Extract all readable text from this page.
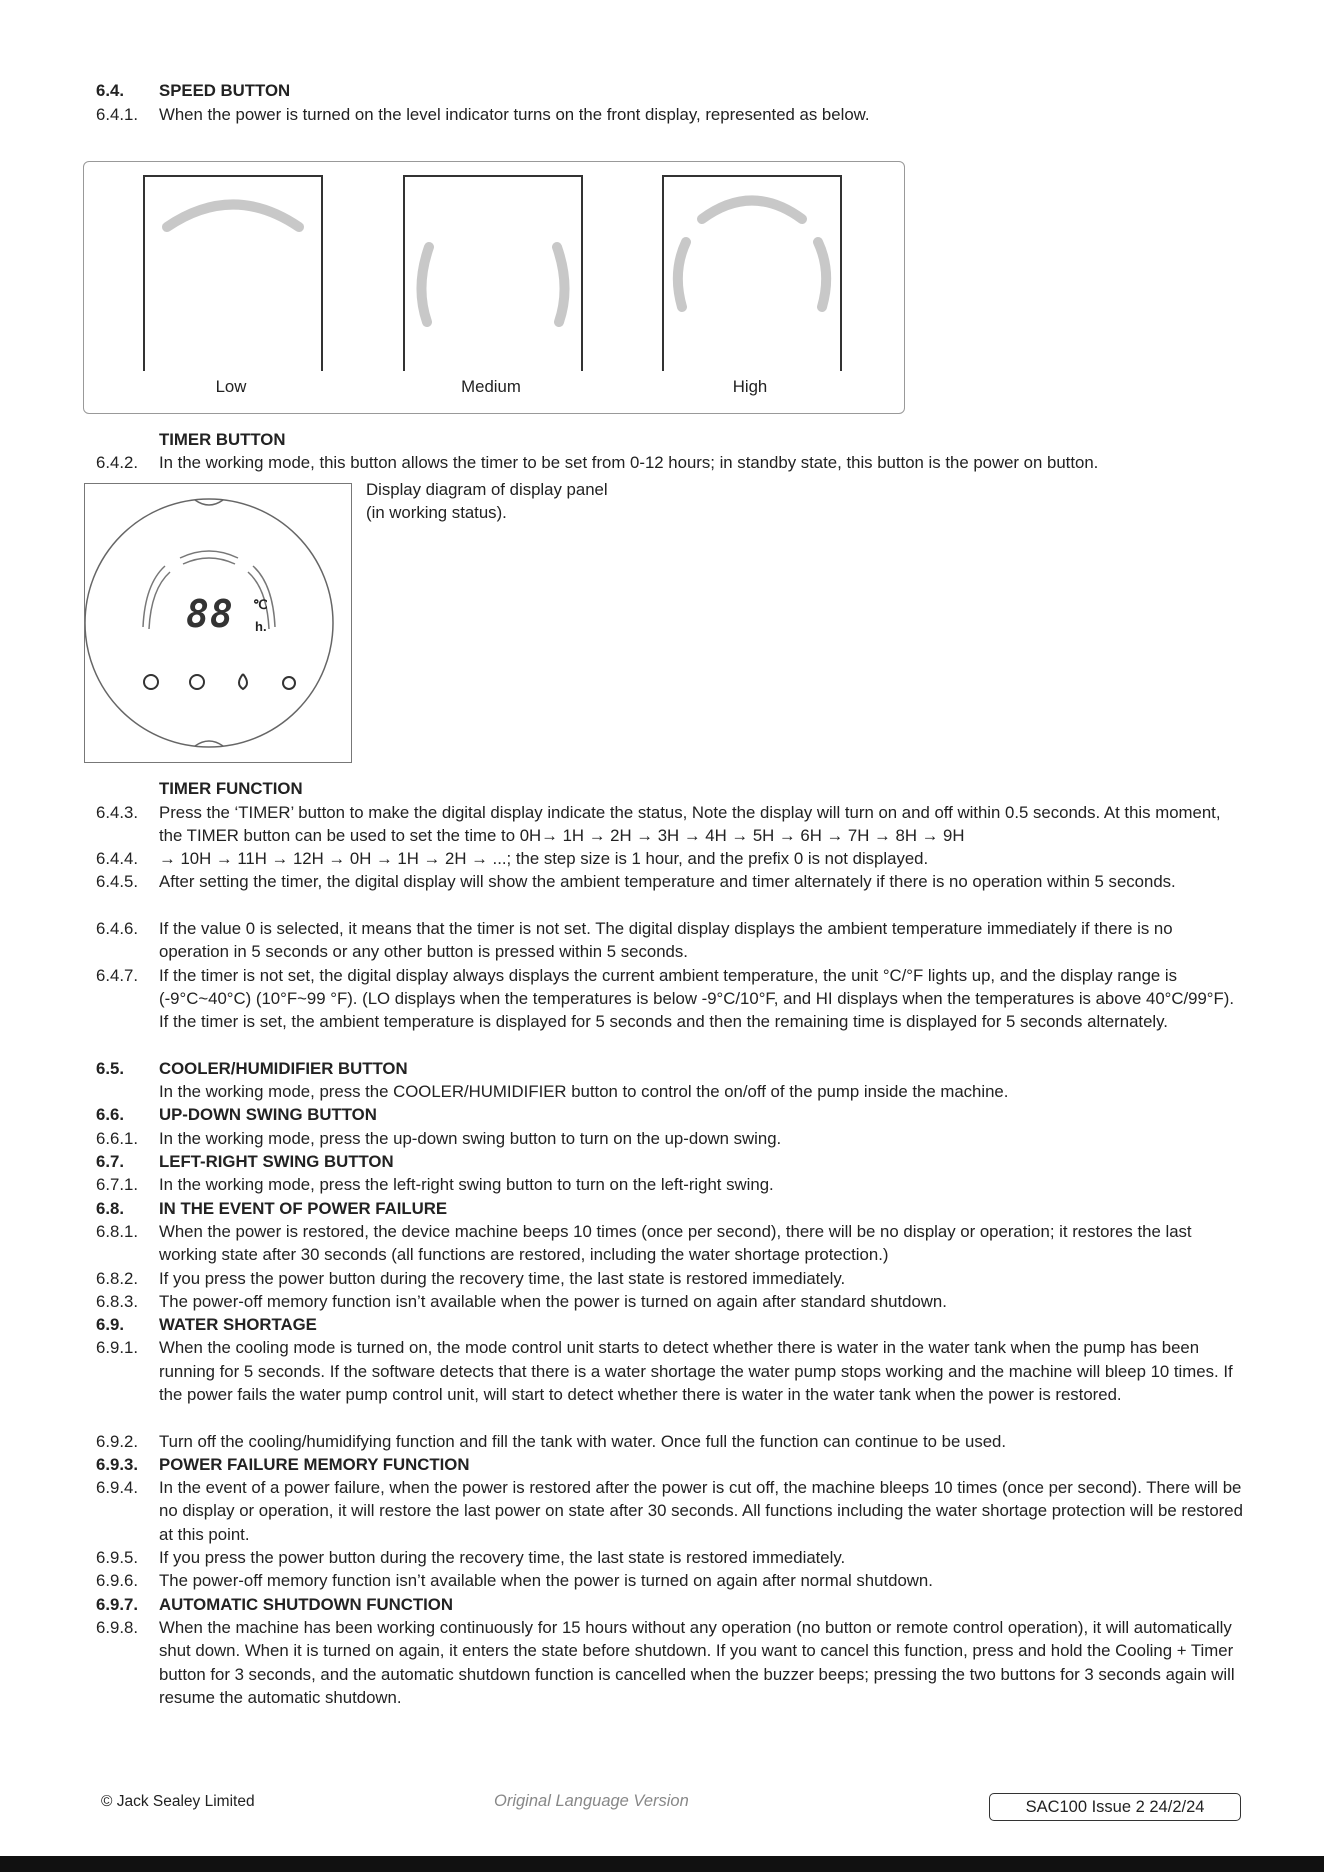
6.4. SPEED BUTTON
6.4.1. When the power is turned on the level indicator turns on the front display, represented as below.
Low	Medium	High
TIMER BUTTON
6.4.2. In the working mode, this button allows the timer to be set from 0-12 hours; in standby state, this button is the power on button.
88 ℃
h.
Display diagram of display panel (in working status).
TIMER FUNCTION
6.4.3. Press the ‘TIMER’ button to make the digital display indicate the status, Note the display will turn on and off within 0.5 seconds. At this moment, the TIMER button can be used to set the time to 0H→ 1H → 2H → 3H → 4H → 5H → 6H → 7H → 8H → 9H
6.4.4. → 10H → 11H → 12H → 0H → 1H → 2H → ...; the step size is 1 hour, and the prefix 0 is not displayed.
6.4.5. After setting the timer, the digital display will show the ambient temperature and timer alternately if there is no operation within 5 seconds.
6.4.6. If the value 0 is selected, it means that the timer is not set. The digital display displays the ambient temperature immediately if there is no operation in 5 seconds or any other button is pressed within 5 seconds.
6.4.7. If the timer is not set, the digital display always displays the current ambient temperature, the unit °C/°F lights up, and the display range is (-9°C~40°C) (10°F~99 °F). (LO displays when the temperatures is below -9°C/10°F, and HI displays when the temperatures is above 40°C/99°F). If the timer is set, the ambient temperature is displayed for 5 seconds and then the remaining time is displayed for 5 seconds alternately.
6.5. COOLER/HUMIDIFIER BUTTON
In the working mode, press the COOLER/HUMIDIFIER button to control the on/off of the pump inside the machine.
6.6. UP-DOWN SWING BUTTON
6.6.1. In the working mode, press the up-down swing button to turn on the up-down swing.
6.7. LEFT-RIGHT SWING BUTTON
6.7.1. In the working mode, press the left-right swing button to turn on the left-right swing.
6.8. IN THE EVENT OF POWER FAILURE
6.8.1. When the power is restored, the device machine beeps 10 times (once per second), there will be no display or operation; it restores the last working state after 30 seconds (all functions are restored, including the water shortage protection.)
6.8.2. If you press the power button during the recovery time, the last state is restored immediately.
6.8.3. The power-off memory function isn’t available when the power is turned on again after standard shutdown.
6.9. WATER SHORTAGE
6.9.1. When the cooling mode is turned on, the mode control unit starts to detect whether there is water in the water tank when the pump has been running for 5 seconds. If the software detects that there is a water shortage the water pump stops working and the machine will bleep 10 times. If the power fails the water pump control unit, will start to detect whether there is water in the water tank when the power is restored.
6.9.2. Turn off the cooling/humidifying function and fill the tank with water. Once full the function can continue to be used.
6.9.3. POWER FAILURE MEMORY FUNCTION
6.9.4. In the event of a power failure, when the power is restored after the power is cut off, the machine bleeps 10 times (once per second). There will be no display or operation, it will restore the last power on state after 30 seconds. All functions including the water shortage protection will be restored at this point.
6.9.5. If you press the power button during the recovery time, the last state is restored immediately.
6.9.6. The power-off memory function isn’t available when the power is turned on again after normal shutdown.
6.9.7. AUTOMATIC SHUTDOWN FUNCTION
6.9.8. When the machine has been working continuously for 15 hours without any operation (no button or remote control operation), it will automatically shut down. When it is turned on again, it enters the state before shutdown. If you want to cancel this function, press and hold the Cooling + Timer button for 3 seconds, and the automatic shutdown function is cancelled when the buzzer beeps; pressing the two buttons for 3 seconds again will resume the automatic shutdown.
© Jack Sealey Limited	Original Language Version	SAC100 Issue 2 24/2/24
